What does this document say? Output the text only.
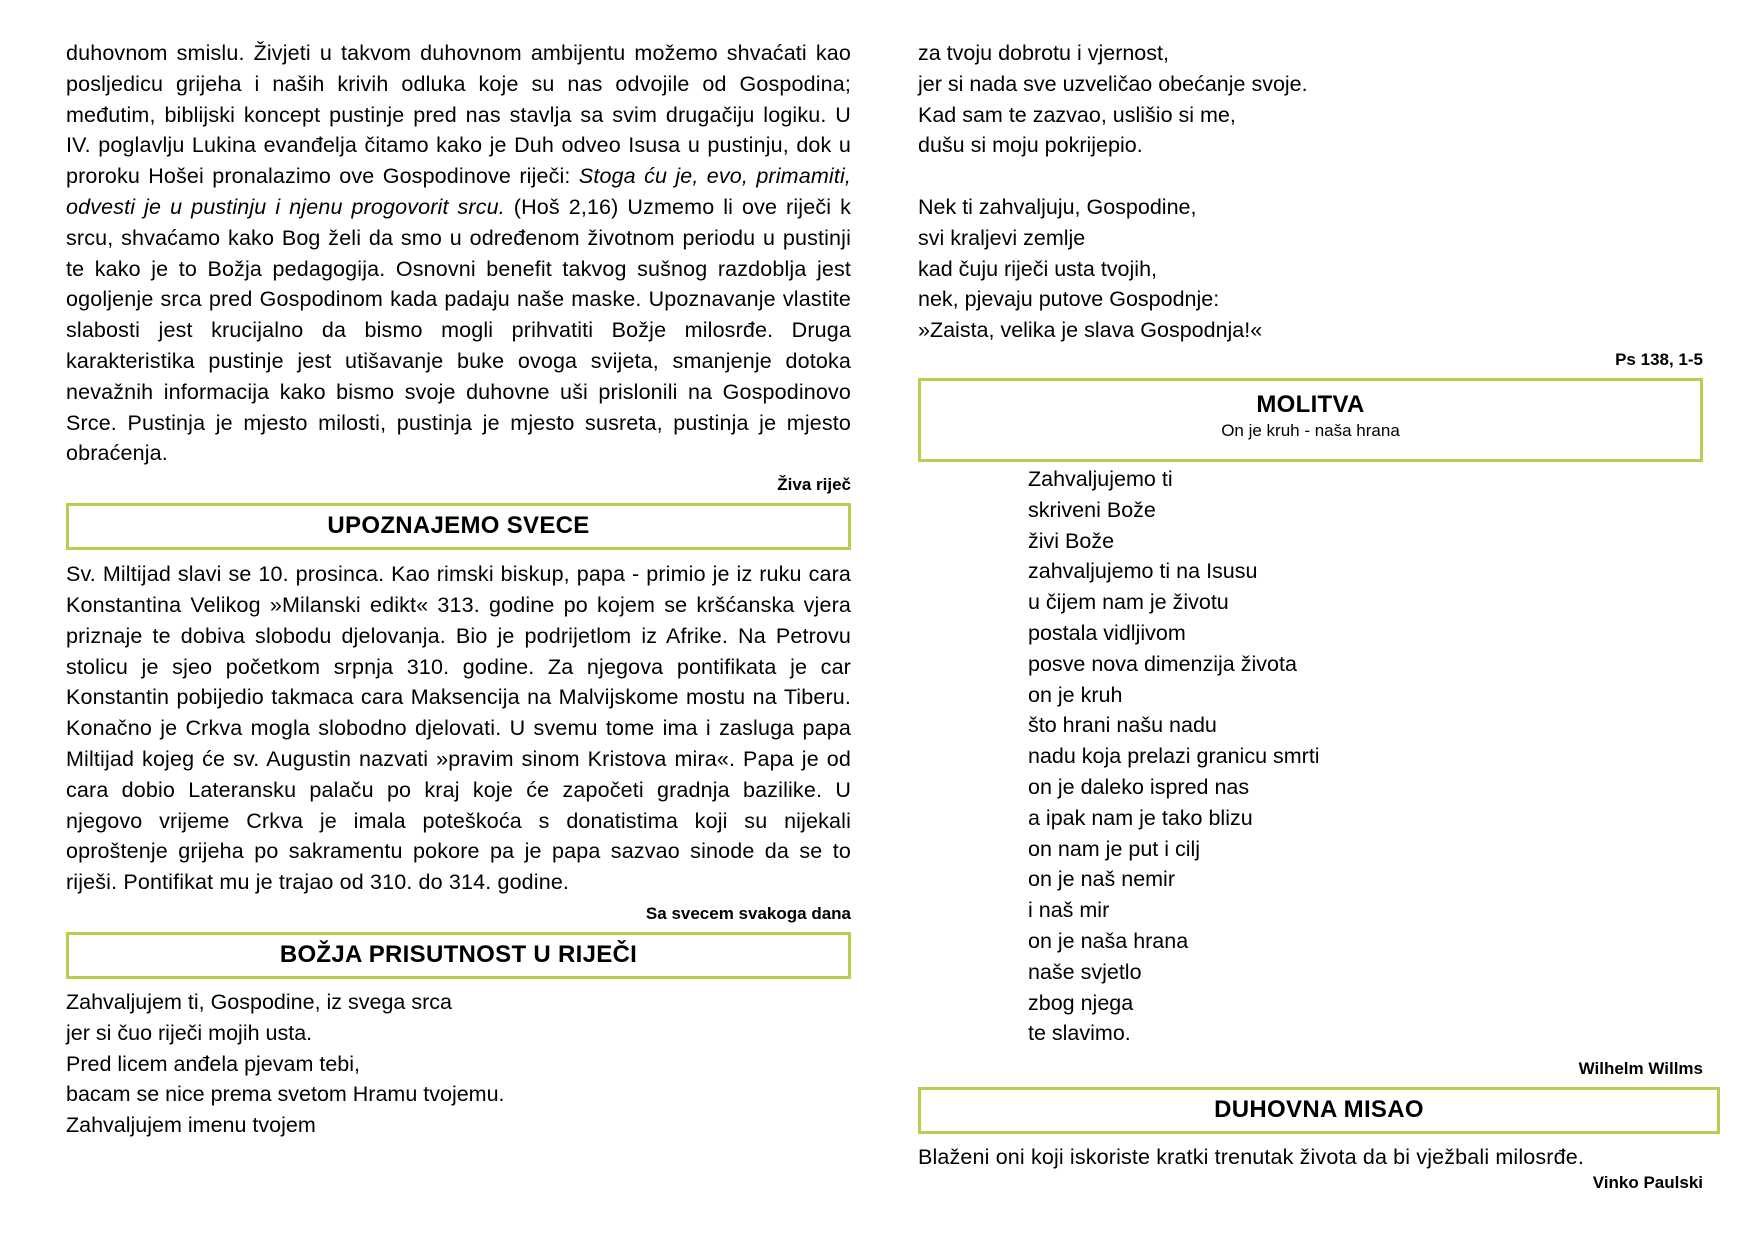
duhovnom smislu. Živjeti u takvom duhovnom ambijentu možemo shvaćati kao posljedicu grijeha i naših krivih odluka koje su nas odvojile od Gospodina; međutim, biblijski koncept pustinje pred nas stavlja sa svim drugačiju logiku. U IV. poglavlju Lukina evanđelja čitamo kako je Duh odveo Isusa u pustinju, dok u proroku Hošei pronalazimo ove Gospodinove riječi: Stoga ću je, evo, primamiti, odvesti je u pustinju i njenu progovorit srcu. (Hoš 2,16) Uzmemo li ove riječi k srcu, shvaćamo kako Bog želi da smo u određenom životnom periodu u pustinji te kako je to Božja pedagogija. Osnovni benefit takvog sušnog razdoblja jest ogoljenje srca pred Gospodinom kada padaju naše maske. Upoznavanje vlastite slabosti jest krucijalno da bismo mogli prihvatiti Božje milosrđe. Druga karakteristika pustinje jest utišavanje buke ovoga svijeta, smanjenje dotoka nevažnih informacija kako bismo svoje duhovne uši prislonili na Gospodinovo Srce. Pustinja je mjesto milosti, pustinja je mjesto susreta, pustinja je mjesto obraćenja.

Živa riječ
UPOZNAJEMO SVECE

Sv. Miltijad slavi se 10. prosinca. Kao rimski biskup, papa - primio je iz ruku cara Konstantina Velikog »Milanski edikt« 313. godine po kojem se kršćanska vjera priznaje te dobiva slobodu djelovanja. Bio je podrijetlom iz Afrike. Na Petrovu stolicu je sjeo početkom srpnja 310. godine. Za njegova pontifikata je car Konstantin pobijedio takmaca cara Maksencija na Malvijskome mostu na Tiberu. Konačno je Crkva mogla slobodno djelovati. U svemu tome ima i zasluga papa Miltijad kojeg će sv. Augustin nazvati »pravim sinom Kristova mira«. Papa je od cara dobio Lateransku palaču po kraj koje će započeti gradnja bazilike. U njegovo vrijeme Crkva je imala poteškoća s donatistima koji su nijekali oproštenje grijeha po sakramentu pokore pa je papa sazvao sinode da se to riješi. Pontifikat mu je trajao od 310. do 314. godine.

Sa svecem svakoga dana
BOŽJA PRISUTNOST U RIJEČI
Zahvaljujem ti, Gospodine, iz svega srca
jer si čuo riječi mojih usta.
Pred licem anđela pjevam tebi,
bacam se nice prema svetom Hramu tvojemu.
Zahvaljujem imenu tvojem
za tvoju dobrotu i vjernost,
jer si nada sve uzveličao obećanje svoje.
Kad sam te zazvao, uslišio si me,
dušu si moju pokrijepio.
Nek ti zahvaljuju, Gospodine,
svi kraljevi zemlje
kad čuju riječi usta tvojih,
nek, pjevaju putove Gospodnje:
»Zaista, velika je slava Gospodnja!«
Ps 138, 1-5
MOLITVA
On je kruh - naša hrana
Zahvaljujemo ti
skriveni Bože
živi Bože
zahvaljujemo ti na Isusu
u čijem nam je životu
postala vidljivom
posve nova dimenzija života
on je kruh
što hrani našu nadu
nadu koja prelazi granicu smrti
on je daleko ispred nas
a ipak nam je tako blizu
on nam je put i cilj
on je naš nemir
i naš mir
on je naša hrana
naše svjetlo
zbog njega
te slavimo.
Wilhelm Willms
DUHOVNA MISAO

Blaženi oni koji iskoriste kratki trenutak života da bi vježbali milosrđe.

Vinko Paulski
